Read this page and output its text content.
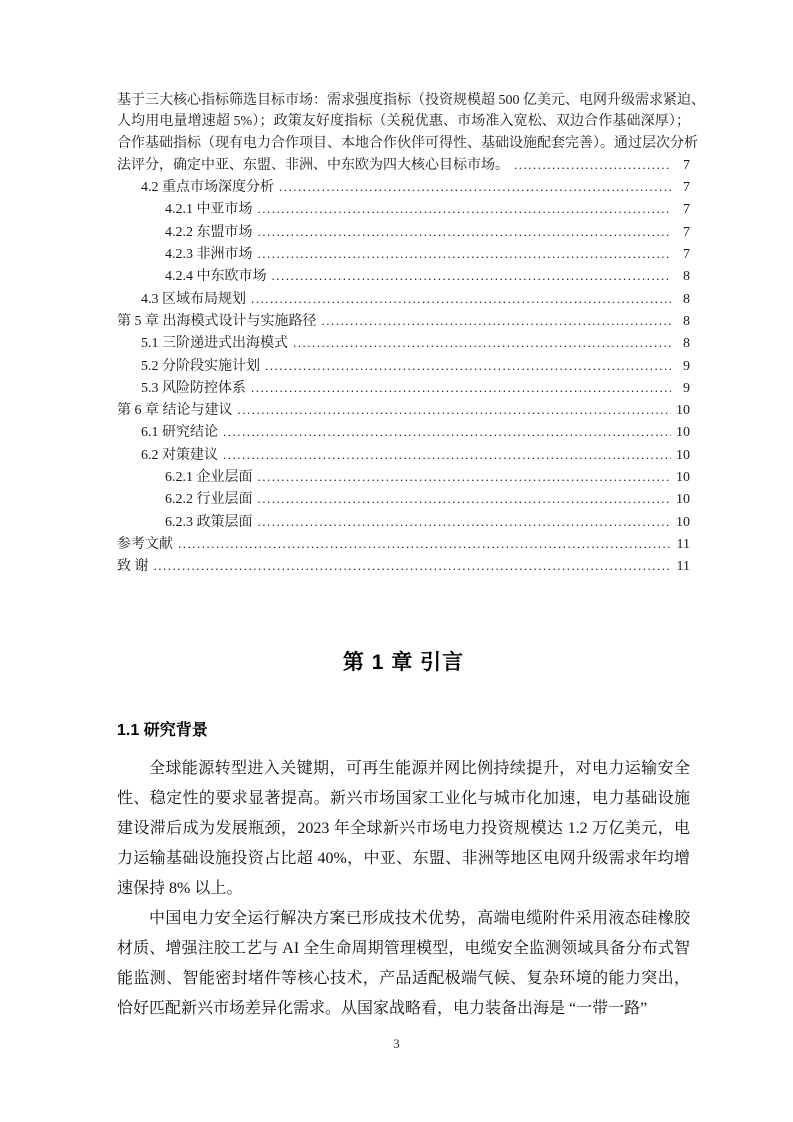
基于三大核心指标筛选目标市场：需求强度指标（投资规模超 500 亿美元、电网升级需求紧迫、
人均用电量增速超 5%）；政策友好度指标（关税优惠、市场准入宽松、双边合作基础深厚）；
合作基础指标（现有电力合作项目、本地合作伙伴可得性、基础设施配套完善）。通过层次分析
法评分，确定中亚、东盟、非洲、中东欧为四大核心目标市场。 .....	7
4.2 重点市场深度分析 .....	7
4.2.1 中亚市场 .....	7
4.2.2 东盟市场 .....	7
4.2.3 非洲市场 .....	7
4.2.4 中东欧市场 .....	8
4.3 区域布局规划 .....	8
第 5 章 出海模式设计与实施路径 .....	8
5.1 三阶递进式出海模式 .....	8
5.2 分阶段实施计划 .....	9
5.3 风险防控体系 .....	9
第 6 章 结论与建议 .....	10
6.1 研究结论 .....	10
6.2 对策建议 .....	10
6.2.1 企业层面 .....	10
6.2.2 行业层面 .....	10
6.2.3 政策层面 .....	10
参考文献 .....	11
致 谢 .....	11
第 1 章 引言
1.1 研究背景

全球能源转型进入关键期，可再生能源并网比例持续提升，对电力运输安全性、稳定性的要求显著提高。新兴市场国家工业化与城市化加速，电力基础设施建设滞后成为发展瓶颈，2023 年全球新兴市场电力投资规模达 1.2 万亿美元，电力运输基础设施投资占比超 40%，中亚、东盟、非洲等地区电网升级需求年均增速保持 8% 以上。

中国电力安全运行解决方案已形成技术优势，高端电缆附件采用液态硅橡胶材质、增强注胶工艺与 AI 全生命周期管理模型，电缆安全监测领域具备分布式智能监测、智能密封堵件等核心技术，产品适配极端气候、复杂环境的能力突出，恰好匹配新兴市场差异化需求。从国家战略看，电力装备出海是 “一带一路”

3
